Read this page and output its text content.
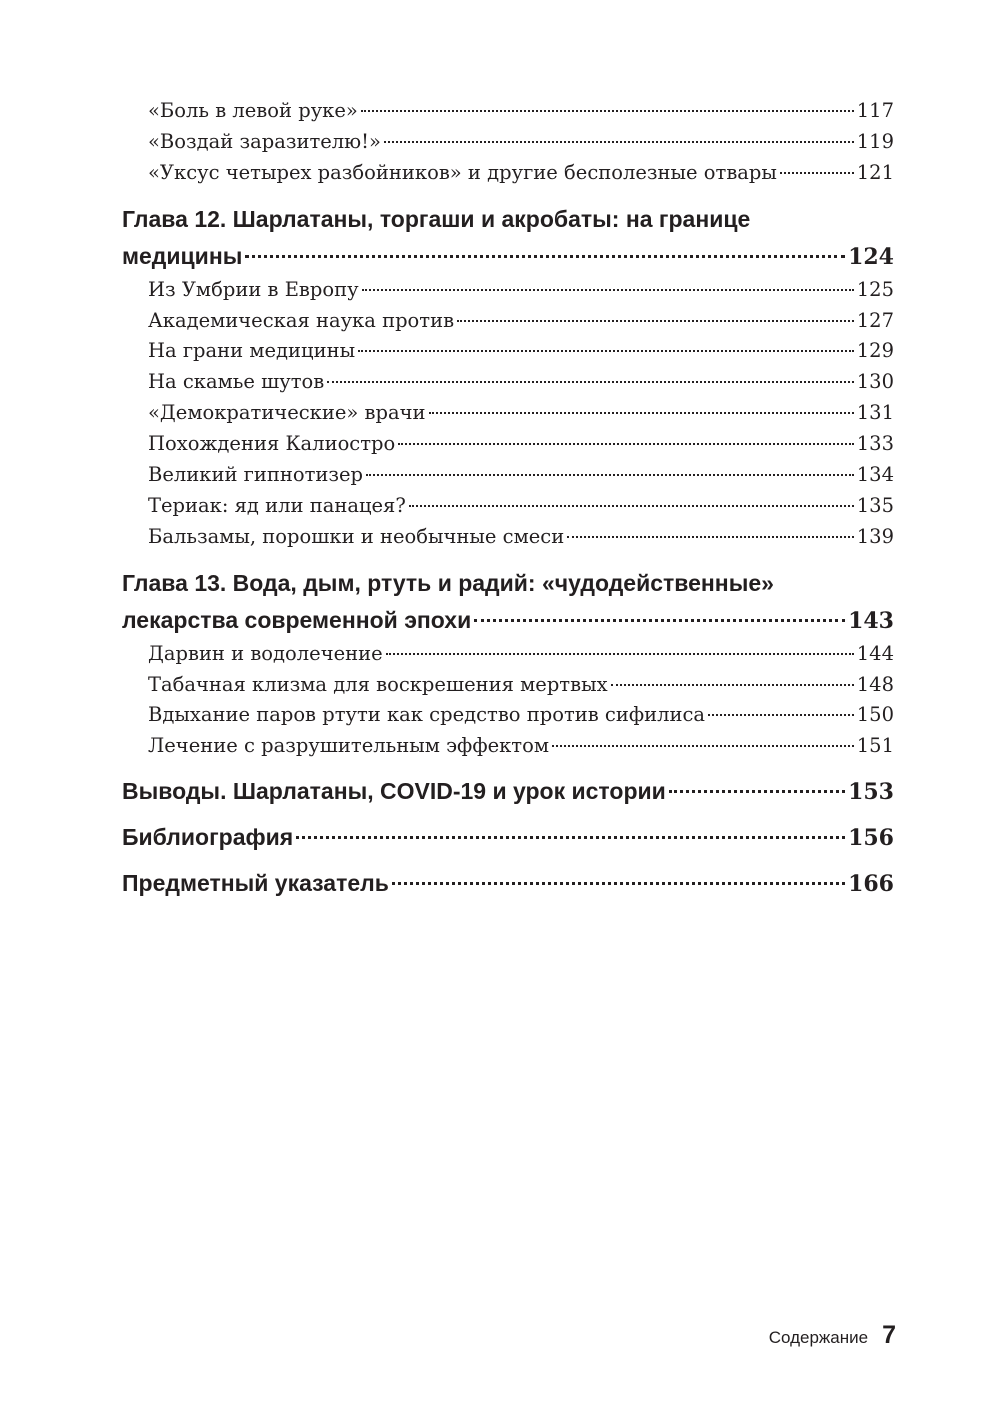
«Боль в левой руке»	117
«Воздай заразителю!»	119
«Уксус четырех разбойников» и другие бесполезные отвары	121
Глава 12. Шарлатаны, торгаши и акробаты: на границе
медицины	124
Из Умбрии в Европу	125
Академическая наука против	127
На грани медицины	129
На скамье шутов	130
«Демократические» врачи	131
Похождения Калиостро	133
Великий гипнотизер	134
Териак: яд или панацея?	135
Бальзамы, порошки и необычные смеси	139
Глава 13. Вода, дым, ртуть и радий: «чудодейственные»
лекарства современной эпохи	143
Дарвин и водолечение	144
Табачная клизма для воскрешения мертвых	148
Вдыхание паров ртути как средство против сифилиса	150
Лечение с разрушительным эффектом	151
Выводы. Шарлатаны, COVID-19 и урок истории	153
Библиография	156
Предметный указатель	166
Содержание 7
